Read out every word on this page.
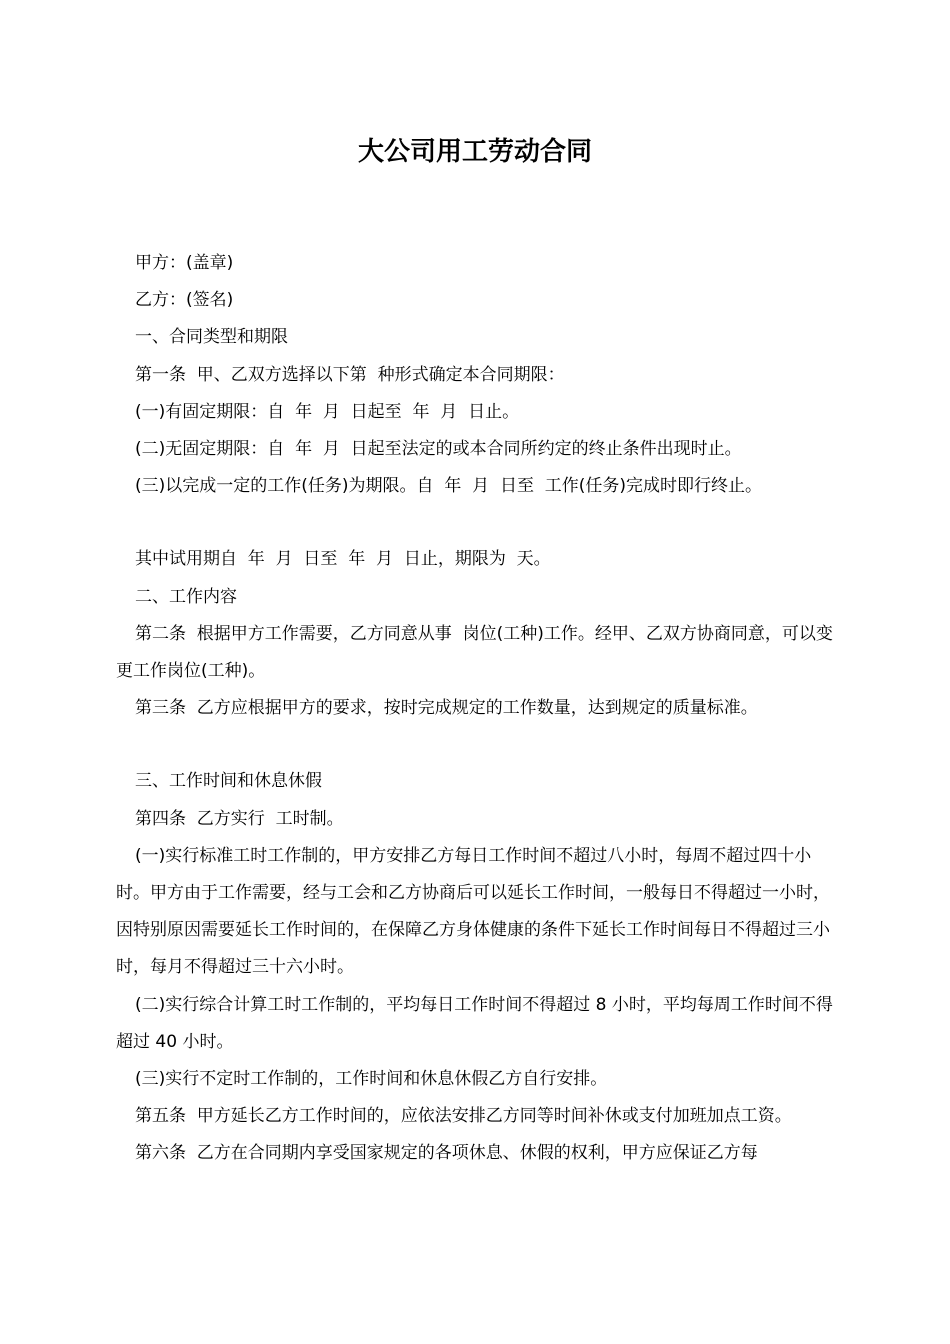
大公司用工劳动合同

甲方：(盖章)

乙方：(签名)

一、合同类型和期限

第一条  甲、乙双方选择以下第  种形式确定本合同期限：

(一)有固定期限：自  年  月  日起至  年  月  日止。

(二)无固定期限：自  年  月  日起至法定的或本合同所约定的终止条件出现时止。

(三)以完成一定的工作(任务)为期限。自  年  月  日至  工作(任务)完成时即行终止。

其中试用期自  年  月  日至  年  月  日止，期限为  天。

二、工作内容

第二条  根据甲方工作需要，乙方同意从事  岗位(工种)工作。经甲、乙双方协商同意，可以变更工作岗位(工种)。

第三条  乙方应根据甲方的要求，按时完成规定的工作数量，达到规定的质量标准。

三、工作时间和休息休假

第四条  乙方实行  工时制。

(一)实行标准工时工作制的，甲方安排乙方每日工作时间不超过八小时，每周不超过四十小时。甲方由于工作需要，经与工会和乙方协商后可以延长工作时间，一般每日不得超过一小时，因特别原因需要延长工作时间的，在保障乙方身体健康的条件下延长工作时间每日不得超过三小时，每月不得超过三十六小时。

(二)实行综合计算工时工作制的，平均每日工作时间不得超过 8 小时，平均每周工作时间不得超过 40 小时。

(三)实行不定时工作制的，工作时间和休息休假乙方自行安排。

第五条  甲方延长乙方工作时间的，应依法安排乙方同等时间补休或支付加班加点工资。

第六条  乙方在合同期内享受国家规定的各项休息、休假的权利，甲方应保证乙方每
